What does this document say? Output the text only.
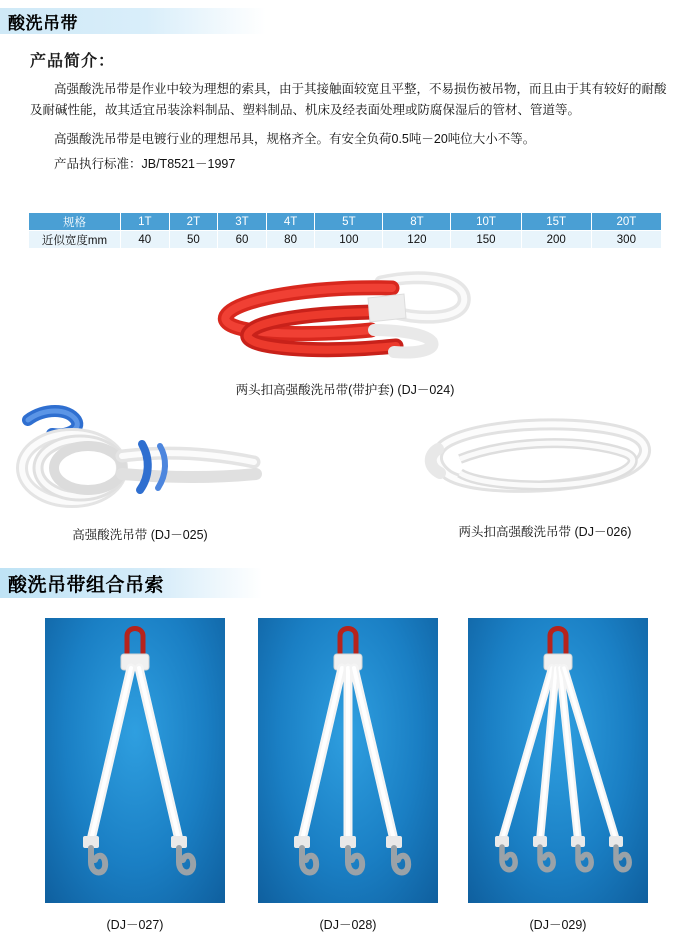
酸洗吊带
产品简介：

高强酸洗吊带是作业中较为理想的索具，由于其接触面较宽且平整，不易损伤被吊物，而且由于其有较好的耐酸及耐碱性能，故其适宜吊装涂料制品、塑料制品、机床及经表面处理或防腐保湿后的管材、管道等。

高强酸洗吊带是电镀行业的理想吊具，规格齐全。有安全负荷0.5吨－20吨位大小不等。

产品执行标准：JB/T8521－1997

规格	1T	2T	3T	4T	5T	8T	10T	15T	20T
近似宽度mm	40	50	60	80	100	120	150	200	300
两头扣高强酸洗吊带(带护套) (DJ－024)
高强酸洗吊带 (DJ－025)	两头扣高强酸洗吊带 (DJ－026)
酸洗吊带组合吊索
(DJ－027)	(DJ－028)	(DJ－029)
